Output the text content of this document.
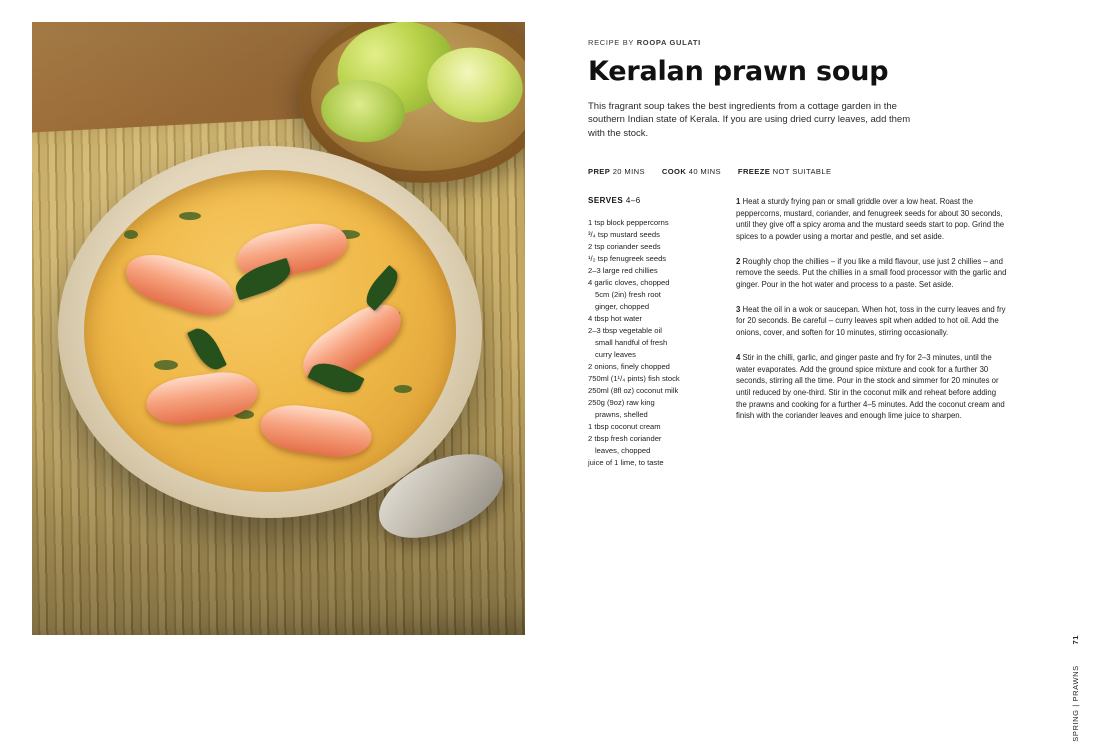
RECIPE BY ROOPA GULATI

Keralan prawn soup

This fragrant soup takes the best ingredients from a cottage garden in the southern Indian state of Kerala. If you are using dried curry leaves, add them with the stock.

PREP 20 MINS COOK 40 MINS FREEZE NOT SUITABLE

SERVES 4–6
1 tsp block peppercorns
³/₄ tsp mustard seeds
2 tsp coriander seeds
¹/₂ tsp fenugreek seeds
2–3 large red chillies
4 garlic cloves, chopped
5cm (2in) fresh root
ginger, chopped
4 tbsp hot water
2–3 tbsp vegetable oil
small handful of fresh
curry leaves
2 onions, finely chopped
750ml (1¹/₄ pints) fish stock
250ml (8fl oz) coconut milk
250g (9oz) raw king
prawns, shelled
1 tbsp coconut cream
2 tbsp fresh coriander
leaves, chopped
juice of 1 lime, to taste

1 Heat a sturdy frying pan or small griddle over a low heat. Roast the peppercorns, mustard, coriander, and fenugreek seeds for about 30 seconds, until they give off a spicy aroma and the mustard seeds start to pop. Grind the spices to a powder using a mortar and pestle, and set aside.

2 Roughly chop the chillies – if you like a mild flavour, use just 2 chillies – and remove the seeds. Put the chillies in a small food processor with the garlic and ginger. Pour in the hot water and process to a paste. Set aside.

3 Heat the oil in a wok or saucepan. When hot, toss in the curry leaves and fry for 20 seconds. Be careful – curry leaves spit when added to hot oil. Add the onions, cover, and soften for 10 minutes, stirring occasionally.

4 Stir in the chilli, garlic, and ginger paste and fry for 2–3 minutes, until the water evaporates. Add the ground spice mixture and cook for a further 30 seconds, stirring all the time. Pour in the stock and simmer for 20 minutes or until reduced by one-third. Stir in the coconut milk and reheat before adding the prawns and cooking for a further 4–5 minutes. Add the coconut cream and finish with the coriander leaves and enough lime juice to sharpen.

SPRING | PRAWNS 71
